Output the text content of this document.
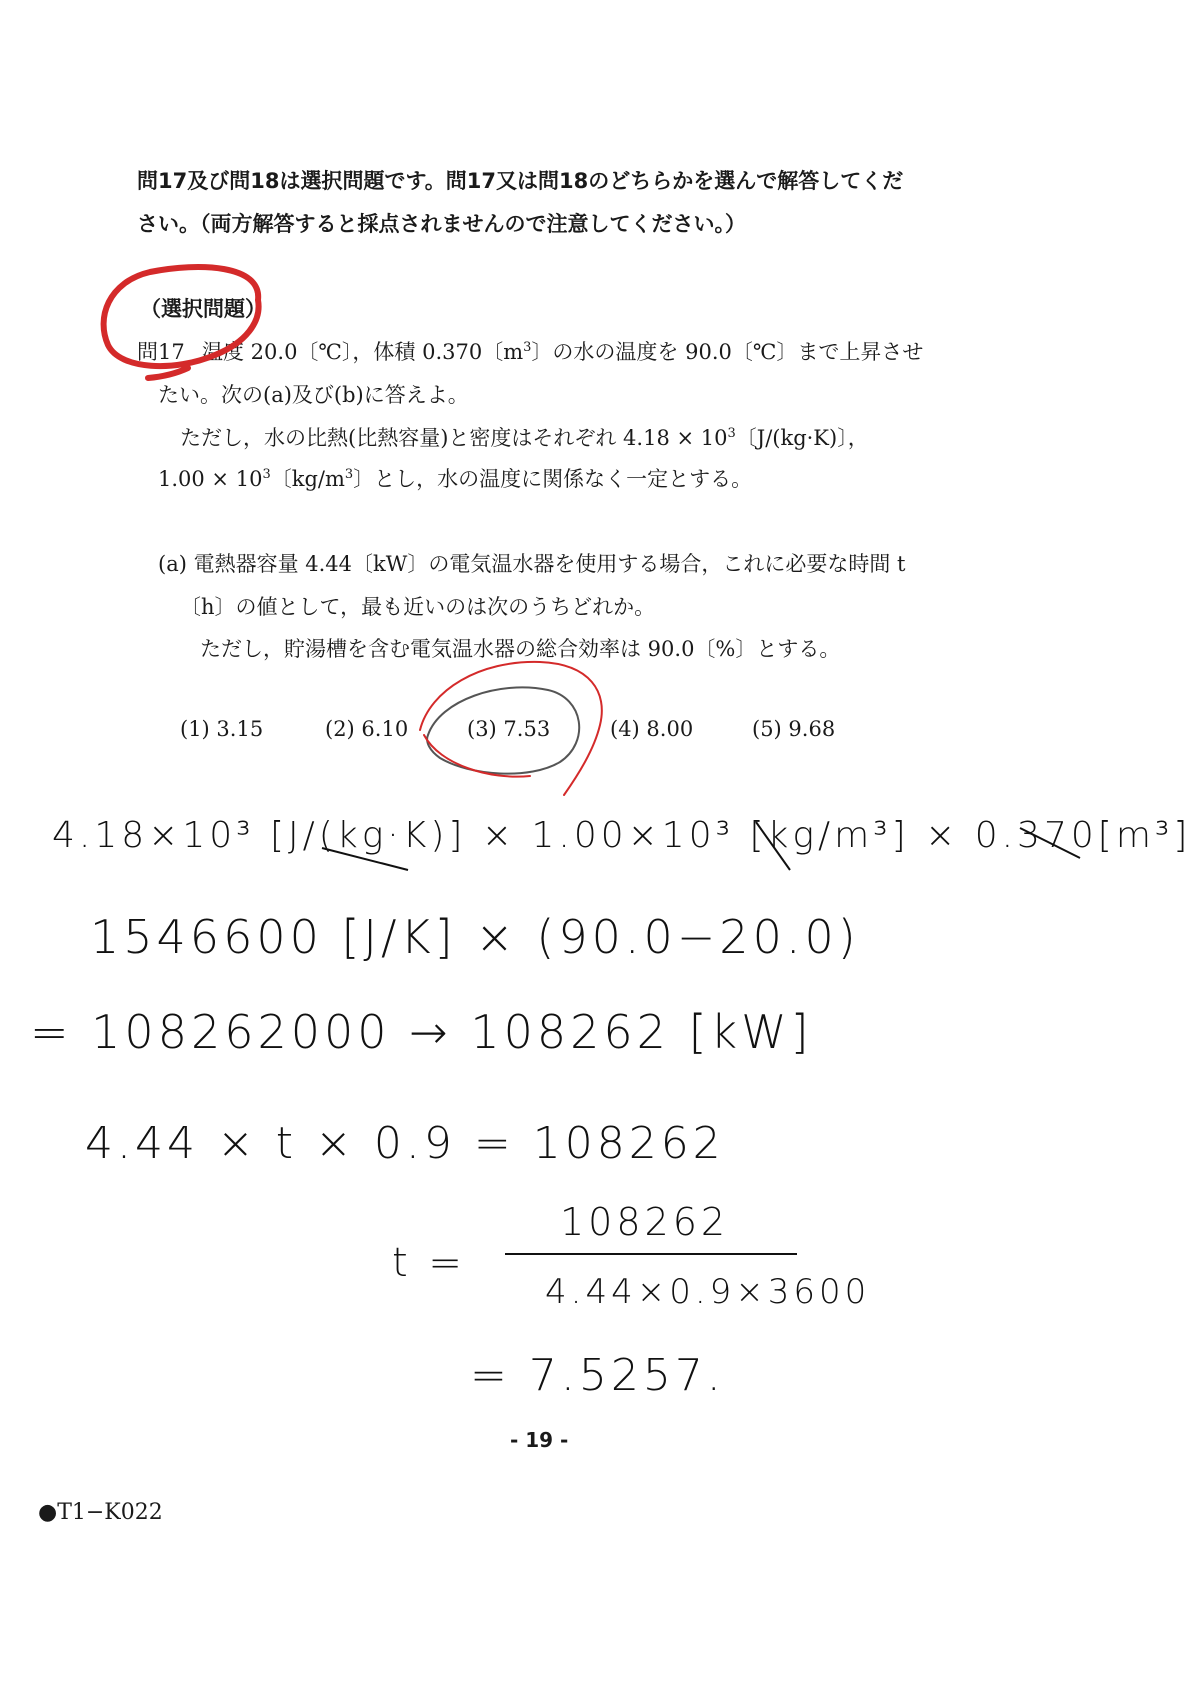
問17及び問18は選択問題です。問17又は問18のどちらかを選んで解答してくだ
さい。（両方解答すると採点されませんので注意してください。）
（選択問題）
問17 温度 20.0〔℃〕，体積 0.370〔$m^3$〕の水の温度を 90.0〔℃〕まで上昇させ
たい。次の(a)及び(b)に答えよ。
ただし，水の比熱(比熱容量)と密度はそれぞれ $4.18 \times 10^3$〔J/(kg·K)〕，
$1.00 \times 10^3$〔$kg/m^3$〕とし，水の温度に関係なく一定とする。
(a) 電熱器容量 4.44〔kW〕の電気温水器を使用する場合，これに必要な時間 t
〔h〕の値として，最も近いのは次のうちどれか。
ただし，貯湯槽を含む電気温水器の総合効率は 90.0〔%〕とする。
(1) 3.15	(2) 6.10	(3) 7.53	(4) 8.00	(5) 9.68
4.18×10³ [J/(kg·K)] × 1.00×10³ [kg/m³] × 0.370[m³]
1546600 [J/K] × (90.0−20.0)
= 108262000 → 108262 [kW]
4.44 × t × 0.9 = 108262
t =
108262
4.44×0.9×3600
= 7.5257.
- 19 -
●T1−K022
